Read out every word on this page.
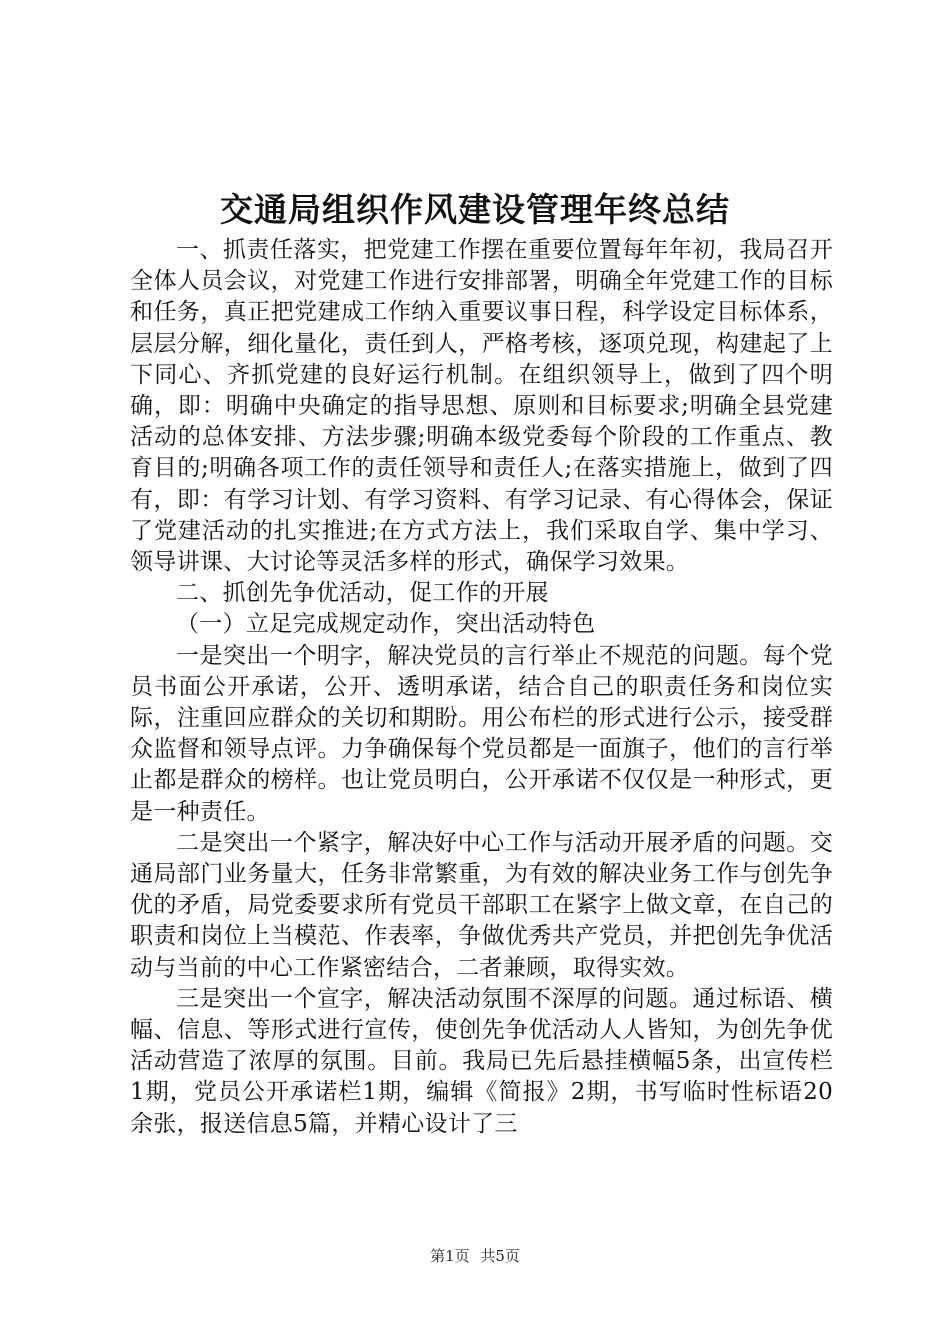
交通局组织作风建设管理年终总结

一、抓责任落实，把党建工作摆在重要位置每年年初，我局召开全体人员会议，对党建工作进行安排部署，明确全年党建工作的目标和任务，真正把党建成工作纳入重要议事日程，科学设定目标体系，层层分解，细化量化，责任到人，严格考核，逐项兑现，构建起了上下同心、齐抓党建的良好运行机制。在组织领导上，做到了四个明确，即：明确中央确定的指导思想、原则和目标要求;明确全县党建活动的总体安排、方法步骤;明确本级党委每个阶段的工作重点、教育目的;明确各项工作的责任领导和责任人;在落实措施上，做到了四有，即：有学习计划、有学习资料、有学习记录、有心得体会，保证了党建活动的扎实推进;在方式方法上，我们采取自学、集中学习、领导讲课、大讨论等灵活多样的形式，确保学习效果。

二、抓创先争优活动，促工作的开展

（一）立足完成规定动作，突出活动特色

一是突出一个明字，解决党员的言行举止不规范的问题。每个党员书面公开承诺，公开、透明承诺，结合自己的职责任务和岗位实际，注重回应群众的关切和期盼。用公布栏的形式进行公示，接受群众监督和领导点评。力争确保每个党员都是一面旗子，他们的言行举止都是群众的榜样。也让党员明白，公开承诺不仅仅是一种形式，更是一种责任。

二是突出一个紧字，解决好中心工作与活动开展矛盾的问题。交通局部门业务量大，任务非常繁重，为有效的解决业务工作与创先争优的矛盾，局党委要求所有党员干部职工在紧字上做文章，在自己的职责和岗位上当模范、作表率，争做优秀共产党员，并把创先争优活动与当前的中心工作紧密结合，二者兼顾，取得实效。

三是突出一个宣字，解决活动氛围不深厚的问题。通过标语、横幅、信息、等形式进行宣传，使创先争优活动人人皆知，为创先争优活动营造了浓厚的氛围。目前。我局已先后悬挂横幅5条，出宣传栏1期，党员公开承诺栏1期，编辑《简报》2期，书写临时性标语20余张，报送信息5篇，并精心设计了三

第1页 共5页
